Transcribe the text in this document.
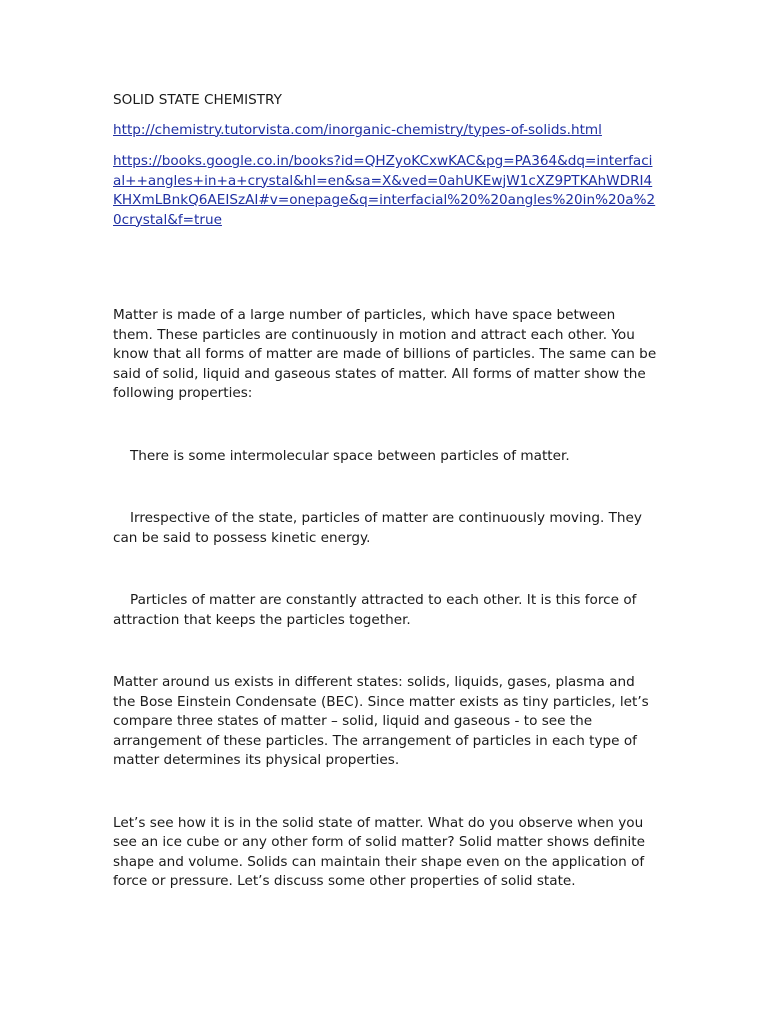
SOLID STATE CHEMISTRY
http://chemistry.tutorvista.com/inorganic-chemistry/types-of-solids.html
https://books.google.co.in/books?id=QHZyoKCxwKAC&pg=PA364&dq=interfacial++angles+in+a+crystal&hl=en&sa=X&ved=0ahUKEwjW1cXZ9PTKAhWDRI4KHXmLBnkQ6AEISzAI#v=onepage&q=interfacial%20%20angles%20in%20a%20crystal&f=true

Matter is made of a large number of particles, which have space between them. These particles are continuously in motion and attract each other. You know that all forms of matter are made of billions of particles. The same can be said of solid, liquid and gaseous states of matter. All forms of matter show the following properties:

There is some intermolecular space between particles of matter.

Irrespective of the state, particles of matter are continuously moving. They can be said to possess kinetic energy.

Particles of matter are constantly attracted to each other. It is this force of attraction that keeps the particles together.

Matter around us exists in different states: solids, liquids, gases, plasma and the Bose Einstein Condensate (BEC). Since matter exists as tiny particles, let’s compare three states of matter – solid, liquid and gaseous - to see the arrangement of these particles. The arrangement of particles in each type of matter determines its physical properties.

Let’s see how it is in the solid state of matter. What do you observe when you see an ice cube or any other form of solid matter? Solid matter shows definite shape and volume. Solids can maintain their shape even on the application of force or pressure. Let’s discuss some other properties of solid state.
